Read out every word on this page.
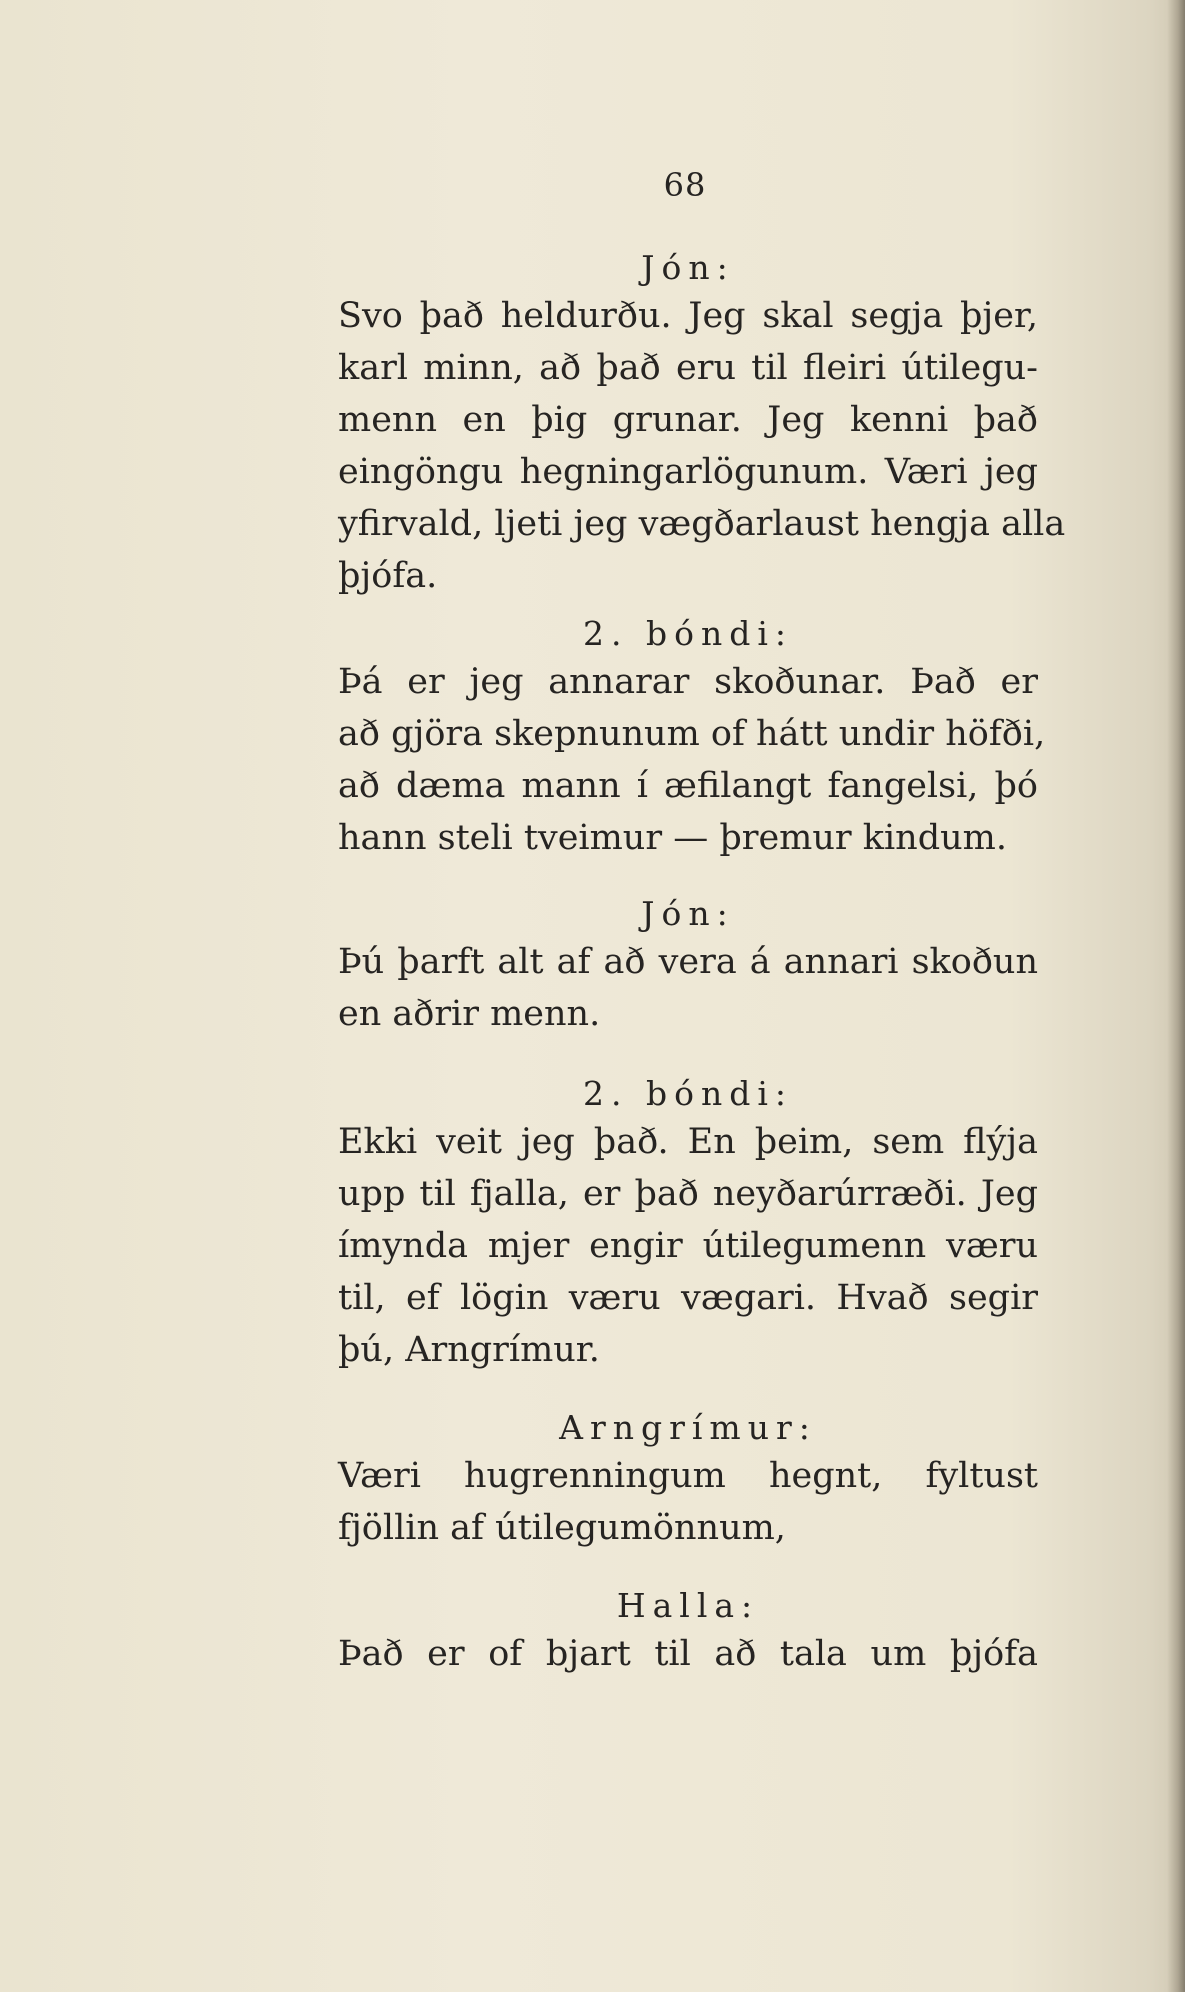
68
Jón:
Svo það heldurðu. Jeg skal segja þjer,
karl minn, að það eru til fleiri útilegu-
menn en þig grunar. Jeg kenni það
eingöngu hegningarlögunum. Væri jeg
yfirvald, ljeti jeg vægðarlaust hengja alla
þjófa.
2. bóndi:
Þá er jeg annarar skoðunar. Það er
að gjöra skepnunum of hátt undir höfði,
að dæma mann í æfilangt fangelsi, þó
hann steli tveimur — þremur kindum.
Jón:
Þú þarft alt af að vera á annari skoðun
en aðrir menn.
2. bóndi:
Ekki veit jeg það. En þeim, sem flýja
upp til fjalla, er það neyðarúrræði. Jeg
ímynda mjer engir útilegumenn væru
til, ef lögin væru vægari. Hvað segir
þú, Arngrímur.
Arngrímur:
Væri hugrenningum hegnt, fyltust
fjöllin af útilegumönnum,
Halla:
Það er of bjart til að tala um þjófa
